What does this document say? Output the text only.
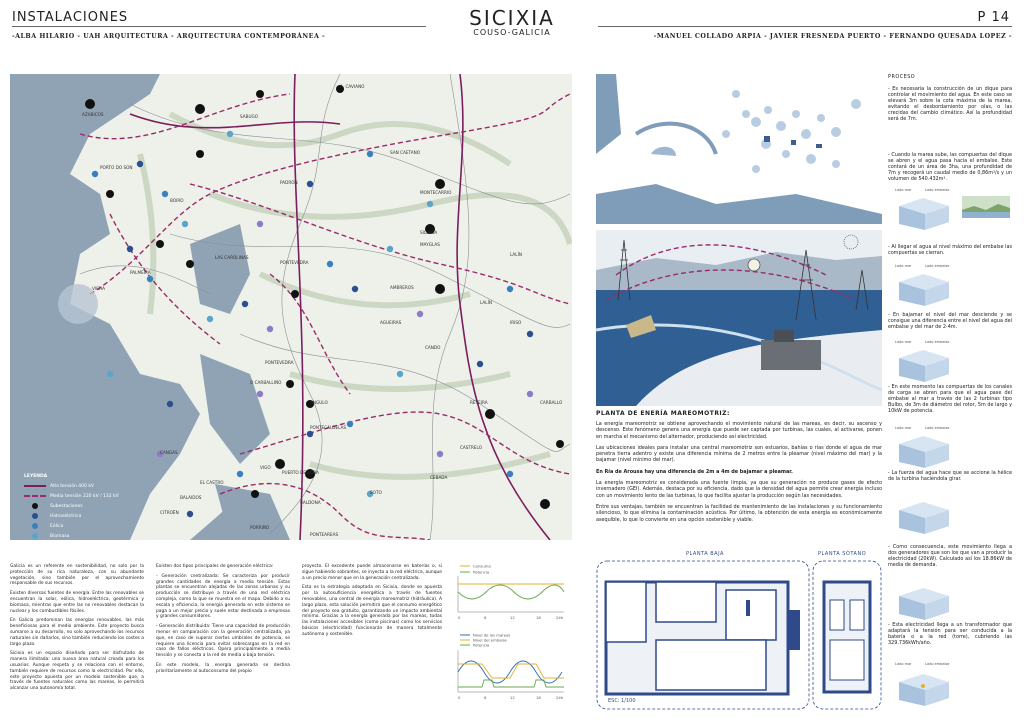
INSTALACIONES	SICIXIA
COUSO-GALICIA
P 14
-ALBA HILARIO - UAH ARQUITECTURA - ARQUITECTURA CONTEMPORÁNEA -	-MANUEL COLLADO ARPIA - JAVIER FRESNEDA PUERTO - FERNANDO QUESADA LOPEZ -
A. CAVIANO
AZABICOS	SABUGO
SAN CAETANO
PORTO DO SON
BOIRO
PADRÓN
MONTECARRIO
SILLEDA
MAYGLAS
LALÍN
LAS CAROLINAS
PALMEIRA
VICHA
PONTEVEDRA
LALÍN
IRISO
CANDO
AGUEIRAS
AMBREROS
PONTEVEDRA
CARBALLO
RETEIRA
ANGULO
O CARBALLIÑO
CASTRELO
PONTECALDELAS
CANGAS
VIGO
PUERTO DE BORA
EL CASTRO
BALAIDOS
CITROËN
BALDONA
PORRIÑO
SOTO
CEBADA
PONTEAREAS
LEYENDA
Alta tensión 400 kV
Media tensión 220 kV / 132 kV
Subestaciones
Hidroeléctrica
Eólica
Biomasa

Galicia es un referente en sostenibilidad, no solo por la protección de su rica naturaleza, con su abundante vegetación, sino también por el aprovechamiento responsable de sus recursos.

Existen diversas fuentes de energía. Entre las renovables se encuentran la solar, eólica, hidroeléctrica, geotérmica y biomasa, mientras que entre las no renovables destacan la nuclear y los combustibles fósiles.

En Galicia predominan las energías renovables, las más beneficiosas para el medio ambiente. Este proyecto busca sumarse a su desarrollo, no solo aprovechando los recursos naturales sin dañarlos, sino también reduciendo los costes a largo plazo.

Sicixia es un espacio diseñado para ser disfrutado de manera ilimitada: una nueva área natural creada para los usuarios. Aunque respeta y se relaciona con el entorno, también requiere de recursos como la electricidad. Por ello, este proyecto apuesta por un modelo sostenible que, a través de fuentes naturales como las mareas, le permitirá alcanzar una autonomía total.

Existen dos tipos principales de generación eléctrica:

- Generación centralizada: Se caracteriza por producir grandes cantidades de energía a media tensión. Estas plantas se encuentran alejadas de las zonas urbanas y su producción se distribuye a través de una red eléctrica compleja, como la que se muestra en el mapa. Debido a su escala y eficiencia, la energía generada en este sistema se paga a un mejor precio y suele estar destinada a empresas y grandes consumidores.

- Generación distribuida: Tiene una capacidad de producción menor en comparación con la generación centralizada, ya que, en caso de superar ciertos umbrales de potencia, se requiere una licencia para evitar sobrecargas en la red en caso de fallos eléctricos. Opera principalmente a media tensión y se conecta a la red de media o baja tensión.

En este modelo, la energía generada se destina prioritariamente al autoconsumo del propio

proyecto. El excedente puede almacenarse en baterías o, si sigue habiendo sobrantes, se inyecta a la red eléctrica, aunque a un precio menor que en la generación centralizada.

Esta es la estrategia adoptada en Sicixia, donde se apuesta por la autosuficiencia energética a través de fuentes renovables, una central de energía mareomotriz (hidráulica). A largo plazo, esta solución permitirá que el consumo energético del proyecto sea gratuito, garantizando un impacto ambiental mínimo. Gracias a la energía generada por las mareas, todas las instalaciones accesibles (como piscinas) como los servicios básicos (electricidad) funcionarán de manera totalmente autónoma y sostenible.

Consumo
Potencia
0	6	12	18	24h
Nivel de las mareas
Nivel del embalse
Potencia
0	6	12	18	24h
PLANTA DE ENERÍA MAREOMOTRIZ:

La energía mareomotriz se obtiene aprovechando el movimiento natural de las mareas, es decir, su ascenso y descenso. Este fenómeno genera una energía que puede ser captada por turbinas, las cuales, al activarse, ponen en marcha el mecanismo del alternador, produciendo así electricidad.

Las ubicaciones ideales para instalar una central mareomotriz son estuarios, bahías o rías donde el agua de mar penetra tierra adentro y existe una diferencia mínima de 2 metros entre la pleamar (nivel máximo del mar) y la bajamar (nivel mínimo del mar).

En Ría de Arousa hay una diferencia de 2m a 4m de bajamar a pleamar.

La energía mareomotriz es considerada una fuente limpia, ya que su generación no produce gases de efecto invernadero (GEI). Además, destaca por su eficiencia, dado que la densidad del agua permite crear energía incluso con un movimiento lento de las turbinas, lo que facilita ajustar la producción según las necesidades.

Entre sus ventajas, también se encuentran la facilidad de mantenimiento de las instalaciones y su funcionamiento silencioso, lo que elimina la contaminación acústica. Por último, la obtención de esta energía es económicamente asequible, lo que lo convierte en una opción sostenible y viable.

PLANTA BAJA	PLANTA SÓTANO
ESC: 1/100
PROCESO
- Es necesaria la construcción de un dique para controlar el movimiento del agua. En este caso se elevará 3m sobre la cota máxima de la marea, evitando el desbordamiento por olas, o las crecidas del cambio climático. Así la profundidad será de 7m.
- Cuando la marea sube, las compuertas del dique se abren y el agua pasa hacia el embalse. Este contará de un área de 3ha, una profundidad de 7m y recogerá un caudal medio de 0,86m³/s y un volumen de 540.432m³.
- Al llegar el agua al nivel máximo del embalse las compuertas se cierran.
- En bajamar el nivel del mar desciende y se consigue una diferencia entre el nivel del agua del embalse y del mar de 2-4m.
- En este momento las compuertas de los canales de carga se abren para que el agua pase del embalse al mar a través de las 2 turbinas tipo Bulbo, de 3m de diámetro del rotor, 5m de largo y 10kW de potencia.
- La fuerza del agua hace que se accione la hélice de la turbina haciéndola girar.
- Como consecuencia, este movimiento llega a dos generadores que son los que van a producir la electricidad (20kW). Calculado así los 18.86kW de media de demanda.
- Esta electricidad llega a un transformador que adaptará la tensión para ser conducida a la batería o a la red (torre), cubriendo las 329.736kWh/año.
Lado mar	Lado embalse
Lado mar	Lado embalse
Lado mar	Lado embalse
Lado mar	Lado embalse
Lado mar	Lado embalse
